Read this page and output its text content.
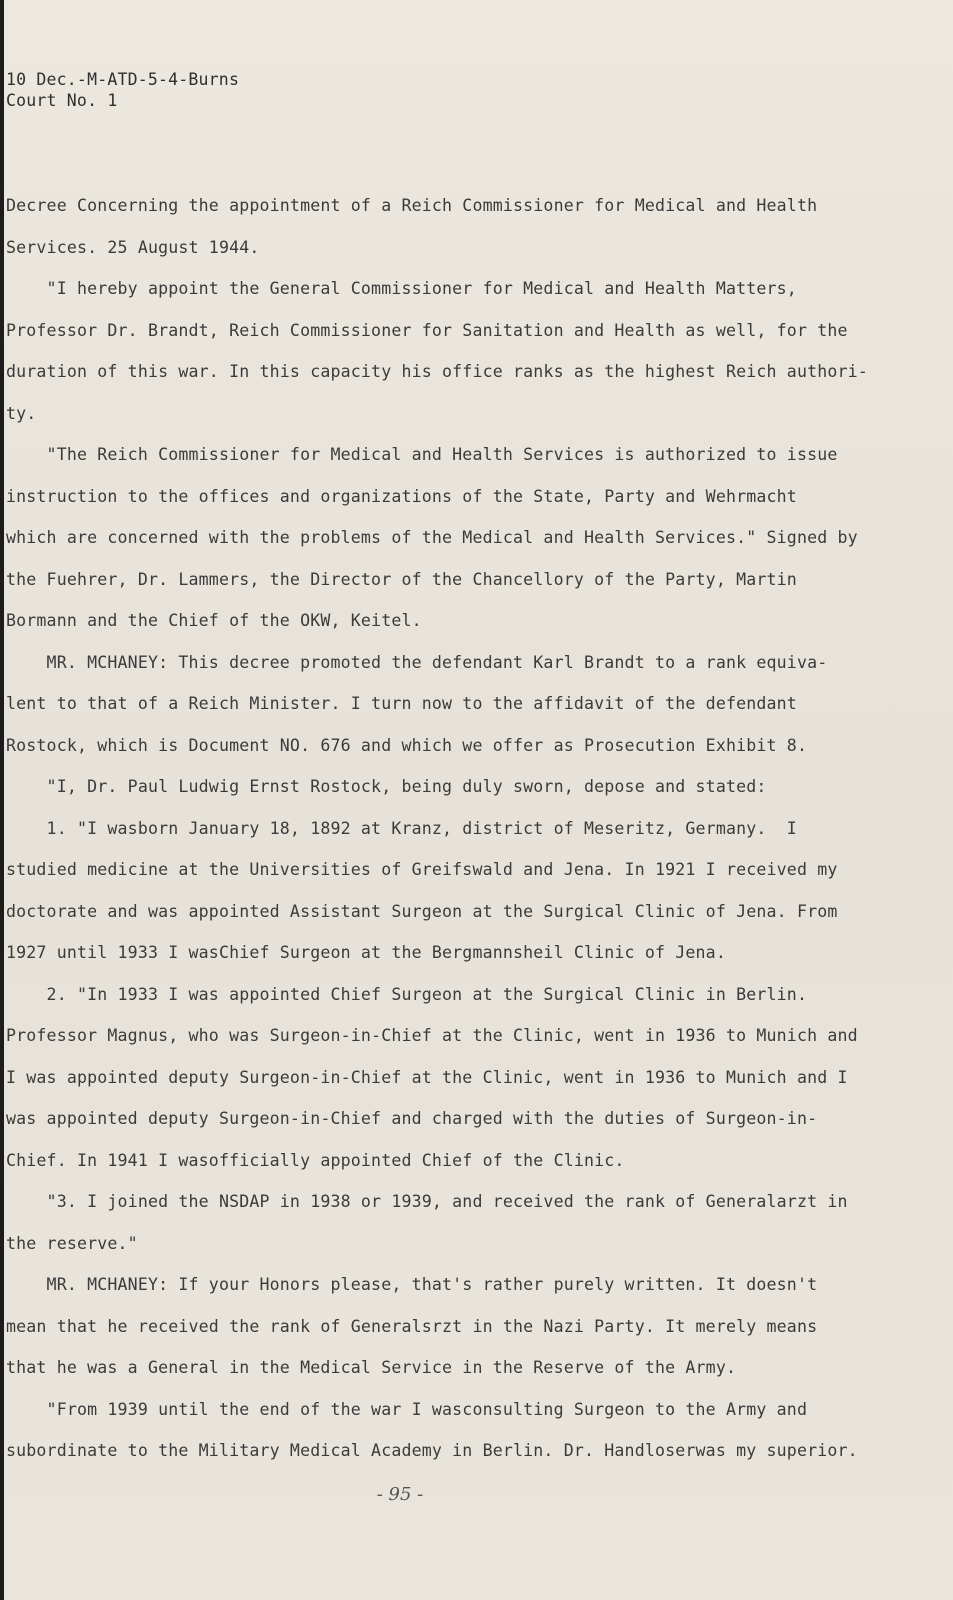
10 Dec.-M-ATD-5-4-Burns
Court No. 1
Decree Concerning the appointment of a Reich Commissioner for Medical and Health
Services. 25 August 1944.
"I hereby appoint the General Commissioner for Medical and Health Matters,
Professor Dr. Brandt, Reich Commissioner for Sanitation and Health as well, for the
duration of this war. In this capacity his office ranks as the highest Reich authori-
ty.
"The Reich Commissioner for Medical and Health Services is authorized to issue
instruction to the offices and organizations of the State, Party and Wehrmacht
which are concerned with the problems of the Medical and Health Services." Signed by
the Fuehrer, Dr. Lammers, the Director of the Chancellory of the Party, Martin
Bormann and the Chief of the OKW, Keitel.
MR. MCHANEY: This decree promoted the defendant Karl Brandt to a rank equiva-
lent to that of a Reich Minister. I turn now to the affidavit of the defendant
Rostock, which is Document NO. 676 and which we offer as Prosecution Exhibit 8.
"I, Dr. Paul Ludwig Ernst Rostock, being duly sworn, depose and stated:
1. "I wasborn January 18, 1892 at Kranz, district of Meseritz, Germany.  I
studied medicine at the Universities of Greifswald and Jena. In 1921 I received my
doctorate and was appointed Assistant Surgeon at the Surgical Clinic of Jena. From
1927 until 1933 I wasChief Surgeon at the Bergmannsheil Clinic of Jena.
2. "In 1933 I was appointed Chief Surgeon at the Surgical Clinic in Berlin.
Professor Magnus, who was Surgeon-in-Chief at the Clinic, went in 1936 to Munich and
I was appointed deputy Surgeon-in-Chief at the Clinic, went in 1936 to Munich and I
was appointed deputy Surgeon-in-Chief and charged with the duties of Surgeon-in-
Chief. In 1941 I wasofficially appointed Chief of the Clinic.
"3. I joined the NSDAP in 1938 or 1939, and received the rank of Generalarzt in
the reserve."
MR. MCHANEY: If your Honors please, that's rather purely written. It doesn't
mean that he received the rank of Generalsrzt in the Nazi Party. It merely means
that he was a General in the Medical Service in the Reserve of the Army.
"From 1939 until the end of the war I wasconsulting Surgeon to the Army and
subordinate to the Military Medical Academy in Berlin. Dr. Handloserwas my superior.
- 95 -
